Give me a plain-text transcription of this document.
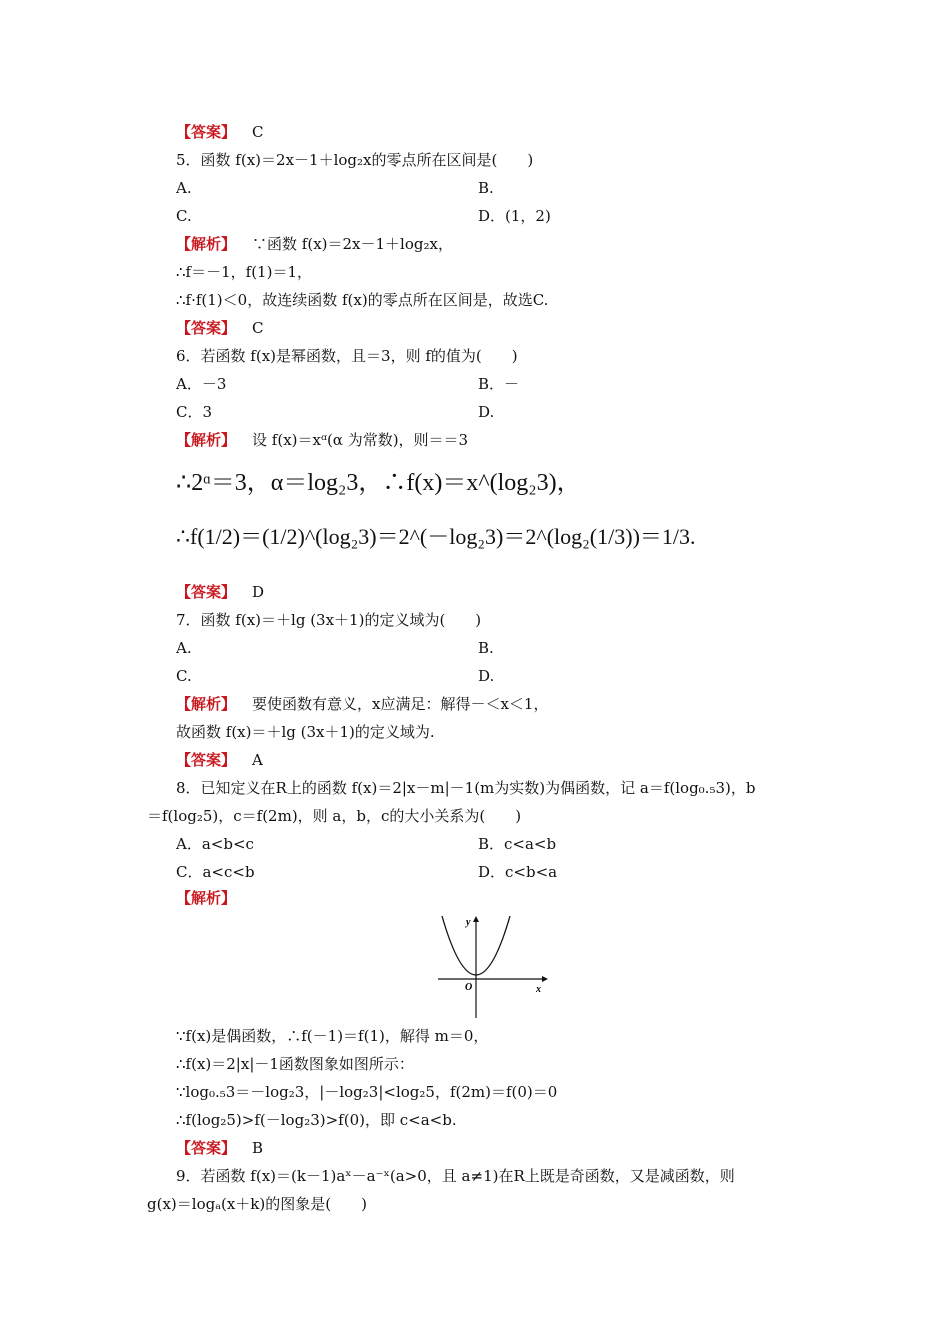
【答案】 C
5．函数 f(x)＝2x－1＋log₂x的零点所在区间是(　　)
A.	B.
C.	D．(1，2)
【解析】 ∵函数 f(x)＝2x－1＋log₂x，
∴f＝－1，f(1)＝1，
∴f·f(1)＜0，故连续函数 f(x)的零点所在区间是，故选C.
【答案】 C
6．若函数 f(x)是幂函数，且＝3，则 f的值为(　　)
A．－3	B．－
C．3	D.
【解析】 设 f(x)＝xᵅ(α 为常数)，则＝＝3
∴2ᵅ＝3，α＝log₂3，∴f(x)＝x^(log₂3)，
∴f(1/2)＝(1/2)^(log₂3)＝2^(－log₂3)＝2^(log₂(1/3))＝1/3.
【答案】 D
7．函数 f(x)＝＋lg (3x＋1)的定义域为(　　)
A.	B.
C.	D.
【解析】 要使函数有意义，x应满足：解得－＜x＜1，
故函数 f(x)＝＋lg (3x＋1)的定义域为.
【答案】 A
8．已知定义在R上的函数 f(x)＝2|x－m|－1(m为实数)为偶函数，记 a＝f(log₀.₅3)，b
＝f(log₂5)，c＝f(2m)，则 a，b，c的大小关系为(　　)
A．a<b<c	B．c<a<b
C．a<c<b	D．c<b<a
【解析】
x
y
O
∵f(x)是偶函数，∴f(－1)＝f(1)，解得 m＝0，
∴f(x)＝2|x|－1函数图象如图所示：
∵log₀.₅3＝－log₂3，|－log₂3|<log₂5，f(2m)＝f(0)＝0
∴f(log₂5)>f(－log₂3)>f(0)，即 c<a<b.
【答案】 B
9．若函数 f(x)＝(k－1)aˣ－a⁻ˣ(a>0，且 a≠1)在R上既是奇函数，又是减函数，则
g(x)＝logₐ(x＋k)的图象是(　　)
